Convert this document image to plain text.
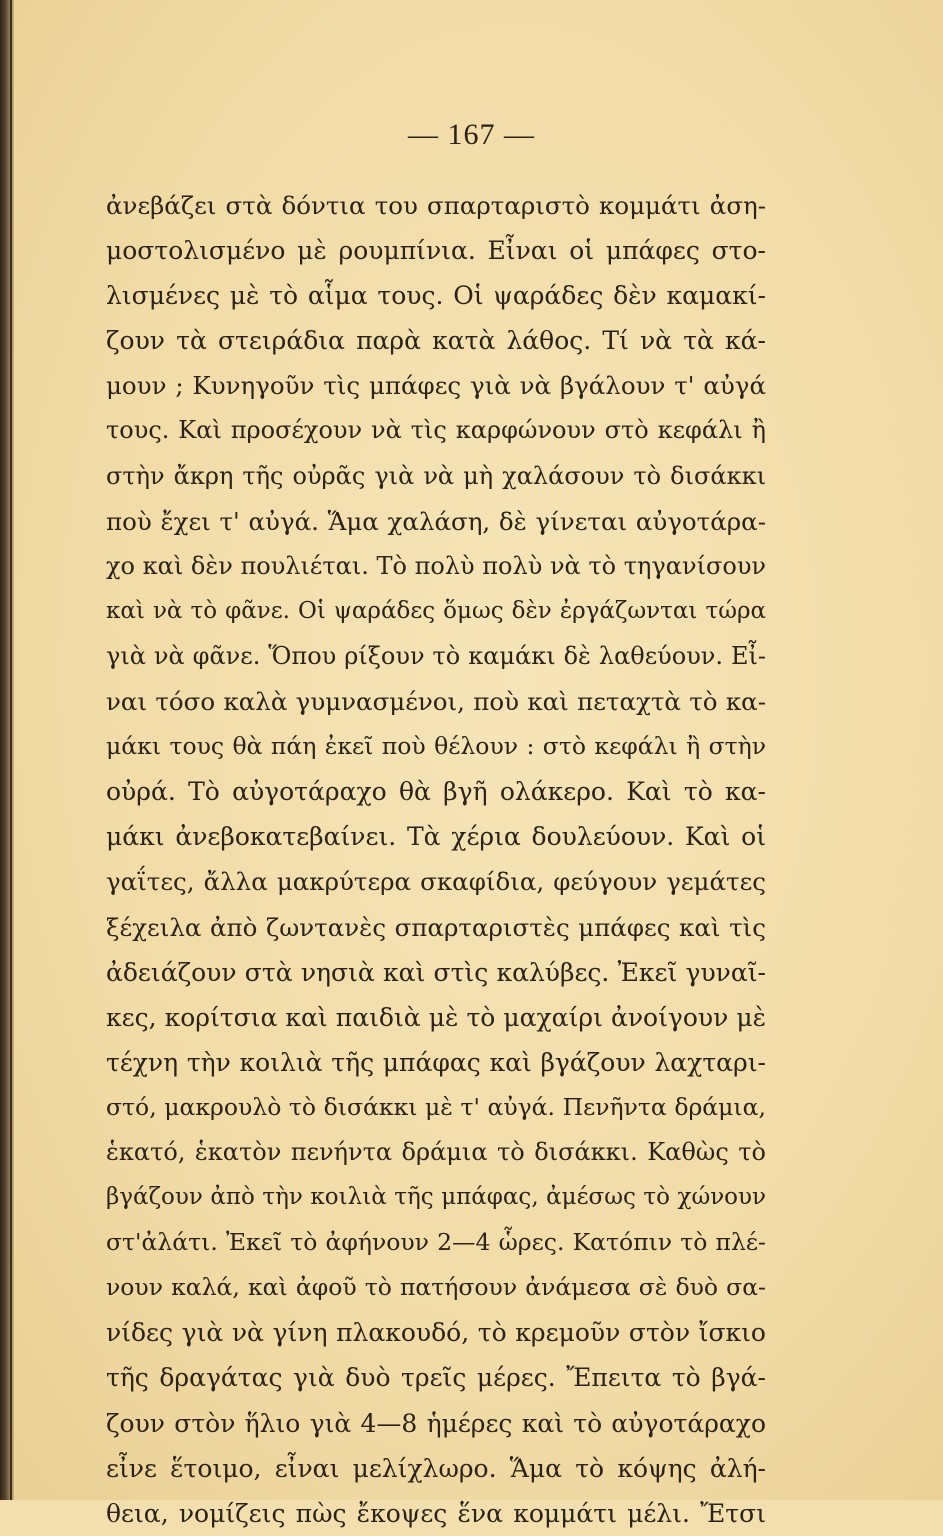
— 167 —
ἀνεβάζει στὰ δόντια του σπαρταριστὸ κομμάτι ἀση-
μοστολισμένο μὲ ρουμπίνια. Εἶναι οἱ μπάφες στο-
λισμένες μὲ τὸ αἷμα τους. Οἱ ψαράδες δὲν καμακί-
ζουν τὰ στειράδια παρὰ κατὰ λάθος. Τί νὰ τὰ κά-
μουν ; Κυνηγοῦν τὶς μπάφες γιὰ νὰ βγάλουν τ' αὐγά
τους. Καὶ προσέχουν νὰ τὶς καρφώνουν στὸ κεφάλι ἢ
στὴν ἄκρη τῆς οὐρᾶς γιὰ νὰ μὴ χαλάσουν τὸ δισάκκι
ποὺ ἔχει τ' αὐγά. Ἅμα χαλάση, δὲ γίνεται αὐγοτάρα-
χο καὶ δὲν πουλιέται. Τὸ πολὺ πολὺ νὰ τὸ τηγανίσουν
καὶ νὰ τὸ φᾶνε. Οἱ ψαράδες ὅμως δὲν ἐργάζωνται τώρα
γιὰ νὰ φᾶνε. Ὅπου ρίξουν τὸ καμάκι δὲ λαθεύουν. Εἶ-
ναι τόσο καλὰ γυμνασμένοι, ποὺ καὶ πεταχτὰ τὸ κα-
μάκι τους θὰ πάη ἐκεῖ ποὺ θέλουν : στὸ κεφάλι ἢ στὴν
οὐρά. Τὸ αὐγοτάραχο θὰ βγῆ ολάκερο. Καὶ τὸ κα-
μάκι ἀνεβοκατεβαίνει. Τὰ χέρια δουλεύουν. Καὶ οἱ
γαΐτες, ἄλλα μακρύτερα σκαφίδια, φεύγουν γεμάτες
ξέχειλα ἀπὸ ζωντανὲς σπαρταριστὲς μπάφες καὶ τὶς
ἀδειάζουν στὰ νησιὰ καὶ στὶς καλύβες. Ἐκεῖ γυναῖ-
κες, κορίτσια καὶ παιδιὰ μὲ τὸ μαχαίρι ἀνοίγουν μὲ
τέχνη τὴν κοιλιὰ τῆς μπάφας καὶ βγάζουν λαχταρι-
στό, μακρουλὸ τὸ δισάκκι μὲ τ' αὐγά. Πενῆντα δράμια,
ἑκατό, ἑκατὸν πενήντα δράμια τὸ δισάκκι. Καθὼς τὸ
βγάζουν ἀπὸ τὴν κοιλιὰ τῆς μπάφας, ἀμέσως τὸ χώνουν
στ'ἀλάτι. Ἐκεῖ τὸ ἀφήνουν 2—4 ὧρες. Κατόπιν τὸ πλέ-
νουν καλά, καὶ ἀφοῦ τὸ πατήσουν ἀνάμεσα σὲ δυὸ σα-
νίδες γιὰ νὰ γίνη πλακουδό, τὸ κρεμοῦν στὸν ἴσκιο
τῆς δραγάτας γιὰ δυὸ τρεῖς μέρες. Ἔπειτα τὸ βγά-
ζουν στὸν ἥλιο γιὰ 4—8 ἡμέρες καὶ τὸ αὐγοτάραχο
εἶνε ἕτοιμο, εἶναι μελίχλωρο. Ἅμα τὸ κόψης ἀλή-
θεια, νομίζεις πὼς ἔκοψες ἕνα κομμάτι μέλι. Ἔτσι
